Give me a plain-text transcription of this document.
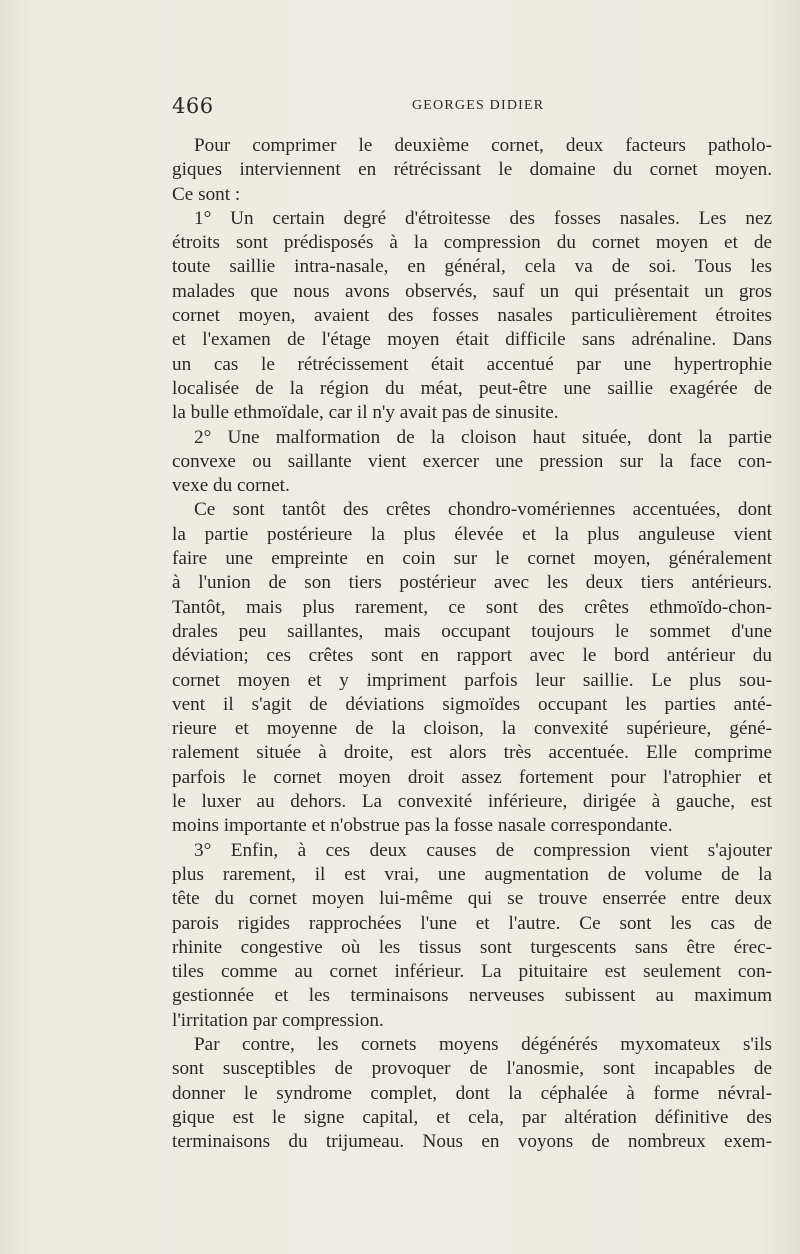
466	GEORGES DIDIER
Pour comprimer le deuxième cornet, deux facteurs patholo-
giques interviennent en rétrécissant le domaine du cornet moyen.
Ce sont :
1° Un certain degré d'étroitesse des fosses nasales. Les nez
étroits sont prédisposés à la compression du cornet moyen et de
toute saillie intra-nasale, en général, cela va de soi. Tous les
malades que nous avons observés, sauf un qui présentait un gros
cornet moyen, avaient des fosses nasales particulièrement étroites
et l'examen de l'étage moyen était difficile sans adrénaline. Dans
un cas le rétrécissement était accentué par une hypertrophie
localisée de la région du méat, peut-être une saillie exagérée de
la bulle ethmoïdale, car il n'y avait pas de sinusite.
2° Une malformation de la cloison haut située, dont la partie
convexe ou saillante vient exercer une pression sur la face con-
vexe du cornet.
Ce sont tantôt des crêtes chondro-vomériennes accentuées, dont
la partie postérieure la plus élevée et la plus anguleuse vient
faire une empreinte en coin sur le cornet moyen, généralement
à l'union de son tiers postérieur avec les deux tiers antérieurs.
Tantôt, mais plus rarement, ce sont des crêtes ethmoïdo-chon-
drales peu saillantes, mais occupant toujours le sommet d'une
déviation; ces crêtes sont en rapport avec le bord antérieur du
cornet moyen et y impriment parfois leur saillie. Le plus sou-
vent il s'agit de déviations sigmoïdes occupant les parties anté-
rieure et moyenne de la cloison, la convexité supérieure, géné-
ralement située à droite, est alors très accentuée. Elle comprime
parfois le cornet moyen droit assez fortement pour l'atrophier et
le luxer au dehors. La convexité inférieure, dirigée à gauche, est
moins importante et n'obstrue pas la fosse nasale correspondante.
3° Enfin, à ces deux causes de compression vient s'ajouter
plus rarement, il est vrai, une augmentation de volume de la
tête du cornet moyen lui-même qui se trouve enserrée entre deux
parois rigides rapprochées l'une et l'autre. Ce sont les cas de
rhinite congestive où les tissus sont turgescents sans être érec-
tiles comme au cornet inférieur. La pituitaire est seulement con-
gestionnée et les terminaisons nerveuses subissent au maximum
l'irritation par compression.
Par contre, les cornets moyens dégénérés myxomateux s'ils
sont susceptibles de provoquer de l'anosmie, sont incapables de
donner le syndrome complet, dont la céphalée à forme névral-
gique est le signe capital, et cela, par altération définitive des
terminaisons du trijumeau. Nous en voyons de nombreux exem-
